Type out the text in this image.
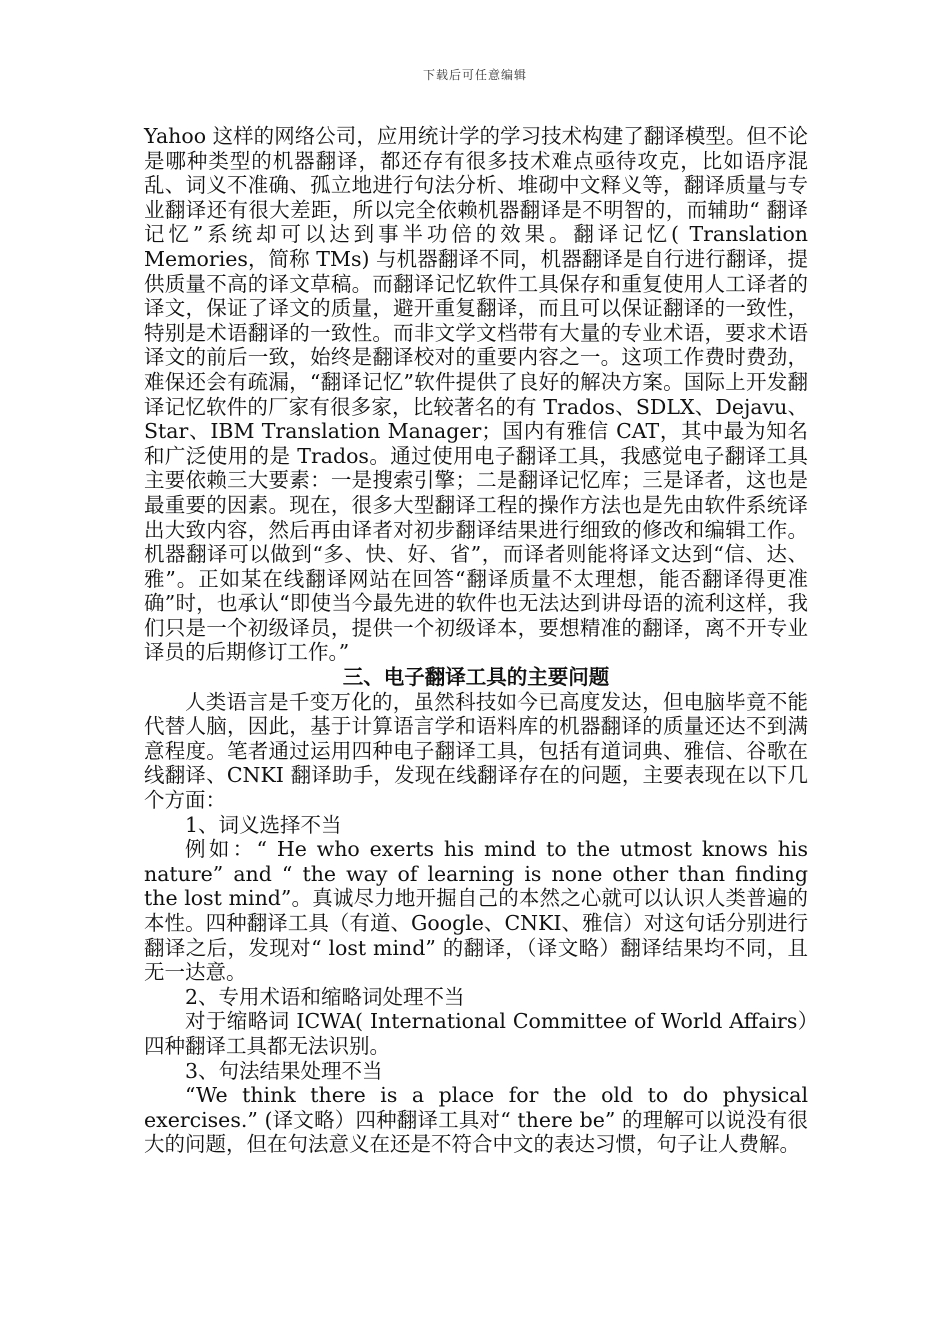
下载后可任意编辑

Yahoo 这样的网络公司，应用统计学的学习技术构建了翻译模型。但不论是哪种类型的机器翻译，都还存有很多技术难点亟待攻克，比如语序混乱、词义不准确、孤立地进行句法分析、堆砌中文释义等，翻译质量与专业翻译还有很大差距，所以完全依赖机器翻译是不明智的，而辅助“ 翻译记忆”系统却可以达到事半功倍的效果。翻译记忆( Translation Memories，简称 TMs) 与机器翻译不同，机器翻译是自行进行翻译，提供质量不高的译文草稿。而翻译记忆软件工具保存和重复使用人工译者的译文，保证了译文的质量，避开重复翻译，而且可以保证翻译的一致性，特别是术语翻译的一致性。而非文学文档带有大量的专业术语，要求术语译文的前后一致，始终是翻译校对的重要内容之一。这项工作费时费劲，难保还会有疏漏，“翻译记忆”软件提供了良好的解决方案。国际上开发翻译记忆软件的厂家有很多家，比较著名的有 Trados、SDLX、Dejavu、Star、IBM Translation Manager；国内有雅信 CAT，其中最为知名和广泛使用的是 Trados。通过使用电子翻译工具，我感觉电子翻译工具主要依赖三大要素：一是搜索引擎；二是翻译记忆库；三是译者，这也是最重要的因素。现在，很多大型翻译工程的操作方法也是先由软件系统译出大致内容，然后再由译者对初步翻译结果进行细致的修改和编辑工作。机器翻译可以做到“多、快、好、省”，而译者则能将译文达到“信、达、雅”。正如某在线翻译网站在回答“翻译质量不太理想，能否翻译得更准确”时，也承认“即使当今最先进的软件也无法达到讲母语的流利这样，我们只是一个初级译员，提供一个初级译本，要想精准的翻译，离不开专业译员的后期修订工作。”

三、电子翻译工具的主要问题

人类语言是千变万化的，虽然科技如今已高度发达，但电脑毕竟不能代替人脑，因此，基于计算语言学和语料库的机器翻译的质量还达不到满意程度。笔者通过运用四种电子翻译工具，包括有道词典、雅信、谷歌在线翻译、CNKI 翻译助手，发现在线翻译存在的问题，主要表现在以下几个方面：

1、词义选择不当

例如：“ He who exerts his mind to the utmost knows his nature” and “ the way of learning is none other than finding the lost mind”。真诚尽力地开掘自己的本然之心就可以认识人类普遍的本性。四种翻译工具（有道、Google、CNKI、雅信）对这句话分别进行翻译之后，发现对“ lost mind” 的翻译，（译文略）翻译结果均不同，且无一达意。

2、专用术语和缩略词处理不当

对于缩略词 ICWA( International Committee of World Affairs）四种翻译工具都无法识别。

3、句法结果处理不当

“We think there is a place for the old to do physical exercises.” (译文略）四种翻译工具对“ there be” 的理解可以说没有很大的问题，但在句法意义在还是不符合中文的表达习惯，句子让人费解。
